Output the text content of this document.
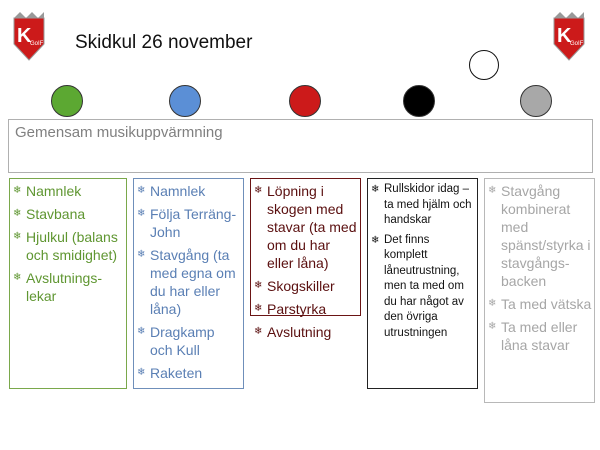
K
GoIF	K
GoIF
Skidkul 26 november
Gemensam musikuppvärmning
❄ Namnlek
❄ Stavbana
❄ Hjulkul (balans och smidighet)
❄ Avslutnings-lekar
❄ Namnlek
❄ Följa Terräng-John
❄ Stavgång (ta med egna om du har eller låna)
❄ Dragkamp och Kull
❄ Raketen
❄ Löpning i skogen med stavar (ta med om du har eller låna)
❄ Skogskiller
❄ Parstyrka
❄ Avslutning
❄ Rullskidor idag – ta med hjälm och handskar
❄ Det finns komplett låneutrustning, men ta med om du har något av den övriga utrustningen
❄ Stavgång kombinerat med spänst/styrka i stavgångs-backen
❄ Ta med vätska
❄ Ta med eller låna stavar
